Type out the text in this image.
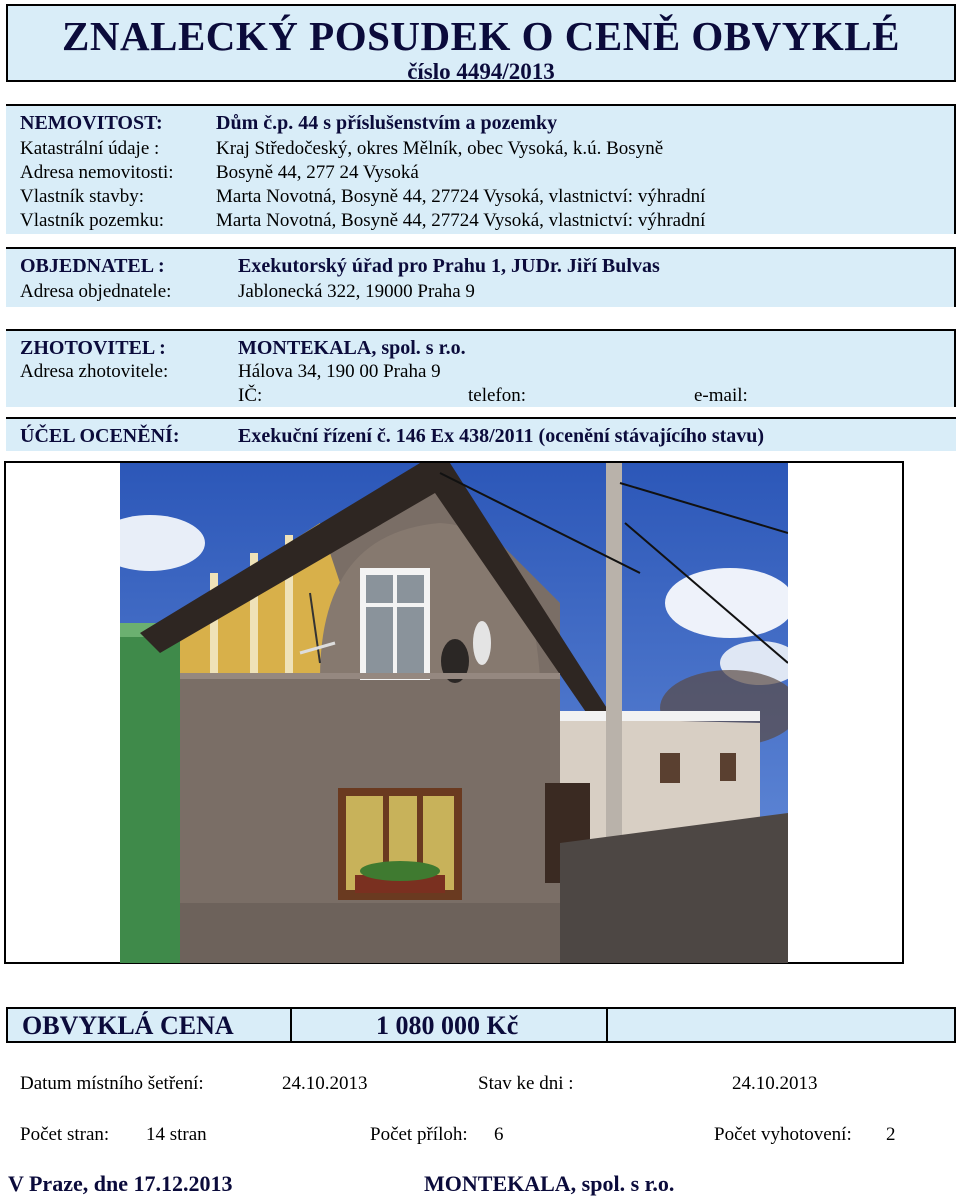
ZNALECKÝ POSUDEK O CENĚ OBVYKLÉ
číslo 4494/2013
NEMOVITOST:	Dům č.p. 44 s příslušenstvím a pozemky
Katastrální údaje :	Kraj Středočeský, okres Mělník, obec Vysoká, k.ú. Bosyně
Adresa nemovitosti: Bosyně 44, 277 24 Vysoká
Vlastník stavby:	Marta Novotná, Bosyně 44, 27724 Vysoká, vlastnictví: výhradní
Vlastník pozemku:	Marta Novotná, Bosyně 44, 27724 Vysoká, vlastnictví: výhradní
OBJEDNATEL :	Exekutorský úřad pro Prahu 1, JUDr. Jiří Bulvas
Adresa objednatele:	Jablonecká 322, 19000 Praha 9
ZHOTOVITEL :	MONTEKALA, spol. s r.o.
Adresa zhotovitele:	Hálova 34, 190 00 Praha 9
IČ:	telefon:	e-mail:
ÚČEL OCENĚNÍ:	Exekuční řízení č. 146 Ex 438/2011 (ocenění stávajícího stavu)
OBVYKLÁ CENA	1 080 000 Kč
Datum místního šetření:	24.10.2013	Stav ke dni :	24.10.2013
Počet stran: 14 stran	Počet příloh: 6	Počet vyhotovení: 2
V Praze, dne 17.12.2013	MONTEKALA, spol. s r.o.
